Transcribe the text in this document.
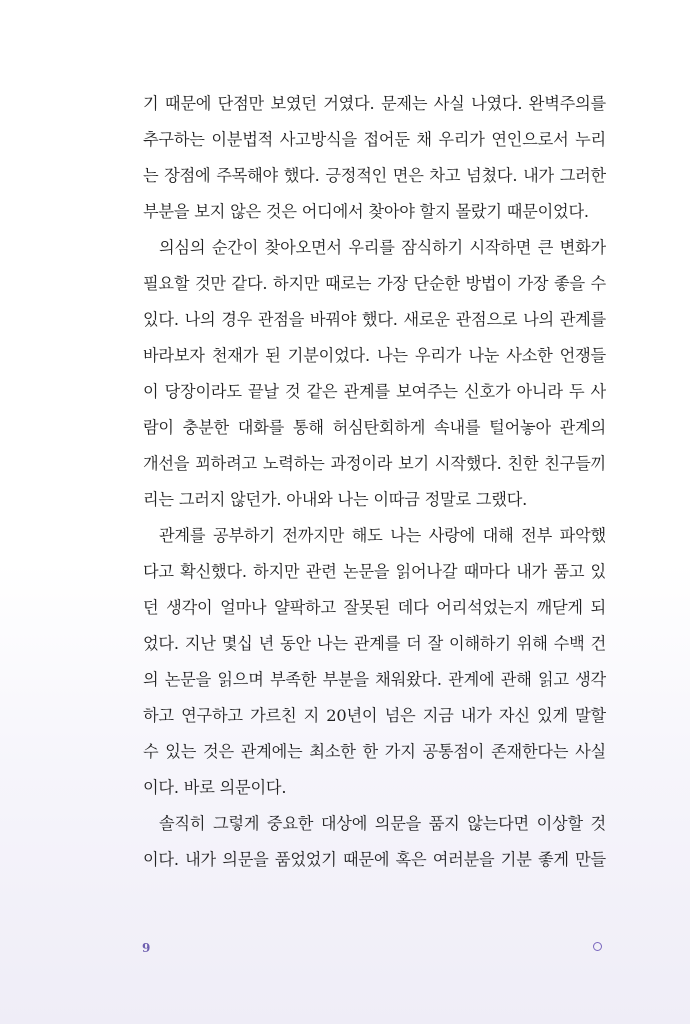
기 때문에 단점만 보였던 거였다. 문제는 사실 나였다. 완벽주의를
추구하는 이분법적 사고방식을 접어둔 채 우리가 연인으로서 누리
는 장점에 주목해야 했다. 긍정적인 면은 차고 넘쳤다. 내가 그러한
부분을 보지 않은 것은 어디에서 찾아야 할지 몰랐기 때문이었다.
의심의 순간이 찾아오면서 우리를 잠식하기 시작하면 큰 변화가
필요할 것만 같다. 하지만 때로는 가장 단순한 방법이 가장 좋을 수
있다. 나의 경우 관점을 바꿔야 했다. 새로운 관점으로 나의 관계를
바라보자 천재가 된 기분이었다. 나는 우리가 나눈 사소한 언쟁들
이 당장이라도 끝날 것 같은 관계를 보여주는 신호가 아니라 두 사
람이 충분한 대화를 통해 허심탄회하게 속내를 털어놓아 관계의
개선을 꾀하려고 노력하는 과정이라 보기 시작했다. 친한 친구들끼
리는 그러지 않던가. 아내와 나는 이따금 정말로 그랬다.
관계를 공부하기 전까지만 해도 나는 사랑에 대해 전부 파악했
다고 확신했다. 하지만 관련 논문을 읽어나갈 때마다 내가 품고 있
던 생각이 얼마나 얄팍하고 잘못된 데다 어리석었는지 깨닫게 되
었다. 지난 몇십 년 동안 나는 관계를 더 잘 이해하기 위해 수백 건
의 논문을 읽으며 부족한 부분을 채워왔다. 관계에 관해 읽고 생각
하고 연구하고 가르친 지 20년이 넘은 지금 내가 자신 있게 말할
수 있는 것은 관계에는 최소한 한 가지 공통점이 존재한다는 사실
이다. 바로 의문이다.
솔직히 그렇게 중요한 대상에 의문을 품지 않는다면 이상할 것
이다. 내가 의문을 품었었기 때문에 혹은 여러분을 기분 좋게 만들
9
